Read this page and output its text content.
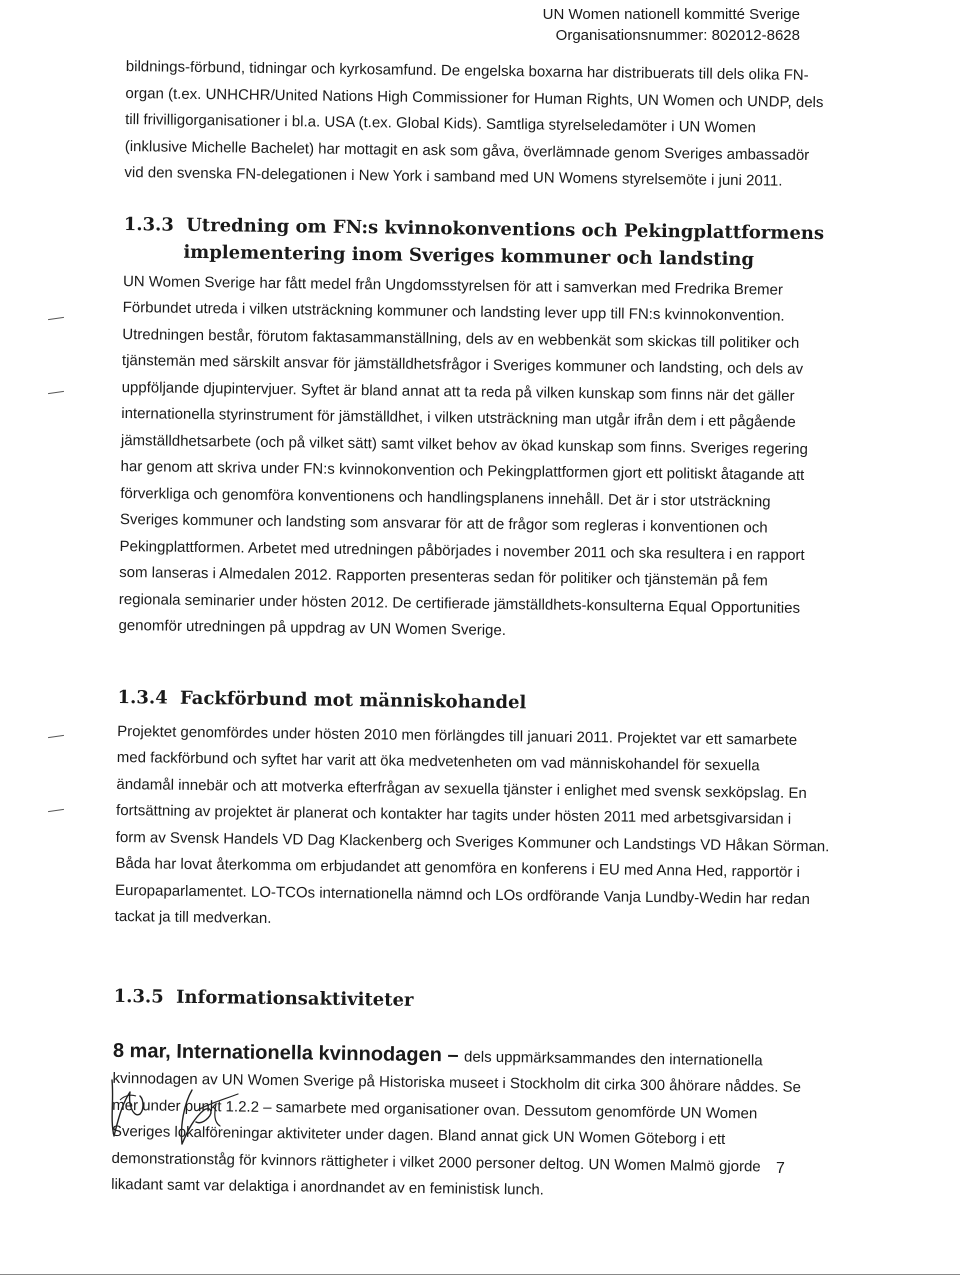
UN Women nationell kommitté Sverige
Organisationsnummer: 802012-8628

bildnings-förbund, tidningar och kyrkosamfund. De engelska boxarna har distribuerats till dels olika FN-
organ (t.ex. UNHCHR/United Nations High Commissioner for Human Rights, UN Women och UNDP, dels
till frivilligorganisationer i bl.a. USA (t.ex. Global Kids). Samtliga styrelseledamöter i UN Women
(inklusive Michelle Bachelet) har mottagit en ask som gåva, överlämnade genom Sveriges ambassadör
vid den svenska FN-delegationen i New York i samband med UN Womens styrelsemöte i juni 2011.

1.3.3 Utredning om FN:s kvinnokonventions och Pekingplattformens
implementering inom Sveriges kommuner och landsting

UN Women Sverige har fått medel från Ungdomsstyrelsen för att i samverkan med Fredrika Bremer
Förbundet utreda i vilken utsträckning kommuner och landsting lever upp till FN:s kvinnokonvention.
Utredningen består, förutom faktasammanställning, dels av en webbenkät som skickas till politiker och
tjänstemän med särskilt ansvar för jämställdhetsfrågor i Sveriges kommuner och landsting, och dels av
uppföljande djupintervjuer. Syftet är bland annat att ta reda på vilken kunskap som finns när det gäller
internationella styrinstrument för jämställdhet, i vilken utsträckning man utgår ifrån dem i ett pågående
jämställdhetsarbete (och på vilket sätt) samt vilket behov av ökad kunskap som finns. Sveriges regering
har genom att skriva under FN:s kvinnokonvention och Pekingplattformen gjort ett politiskt åtagande att
förverkliga och genomföra konventionens och handlingsplanens innehåll. Det är i stor utsträckning
Sveriges kommuner och landsting som ansvarar för att de frågor som regleras i konventionen och
Pekingplattformen. Arbetet med utredningen påbörjades i november 2011 och ska resultera i en rapport
som lanseras i Almedalen 2012. Rapporten presenteras sedan för politiker och tjänstemän på fem
regionala seminarier under hösten 2012. De certifierade jämställdhets-konsulterna Equal Opportunities
genomför utredningen på uppdrag av UN Women Sverige.

1.3.4 Fackförbund mot människohandel

Projektet genomfördes under hösten 2010 men förlängdes till januari 2011. Projektet var ett samarbete
med fackförbund och syftet har varit att öka medvetenheten om vad människohandel för sexuella
ändamål innebär och att motverka efterfrågan av sexuella tjänster i enlighet med svensk sexköpslag. En
fortsättning av projektet är planerat och kontakter har tagits under hösten 2011 med arbetsgivarsidan i
form av Svensk Handels VD Dag Klackenberg och Sveriges Kommuner och Landstings VD Håkan Sörman.
Båda har lovat återkomma om erbjudandet att genomföra en konferens i EU med Anna Hed, rapportör i
Europaparlamentet. LO-TCOs internationella nämnd och LOs ordförande Vanja Lundby-Wedin har redan
tackat ja till medverkan.

1.3.5 Informationsaktiviteter

8 mar, Internationella kvinnodagen – dels uppmärksammandes den internationella
kvinnodagen av UN Women Sverige på Historiska museet i Stockholm dit cirka 300 åhörare nåddes. Se
mer under punkt 1.2.2 – samarbete med organisationer ovan. Dessutom genomförde UN Women
Sveriges lokalföreningar aktiviteter under dagen. Bland annat gick UN Women Göteborg i ett
demonstrationståg för kvinnors rättigheter i vilket 2000 personer deltog. UN Women Malmö gjorde
likadant samt var delaktiga i anordnandet av en feministisk lunch.

7
